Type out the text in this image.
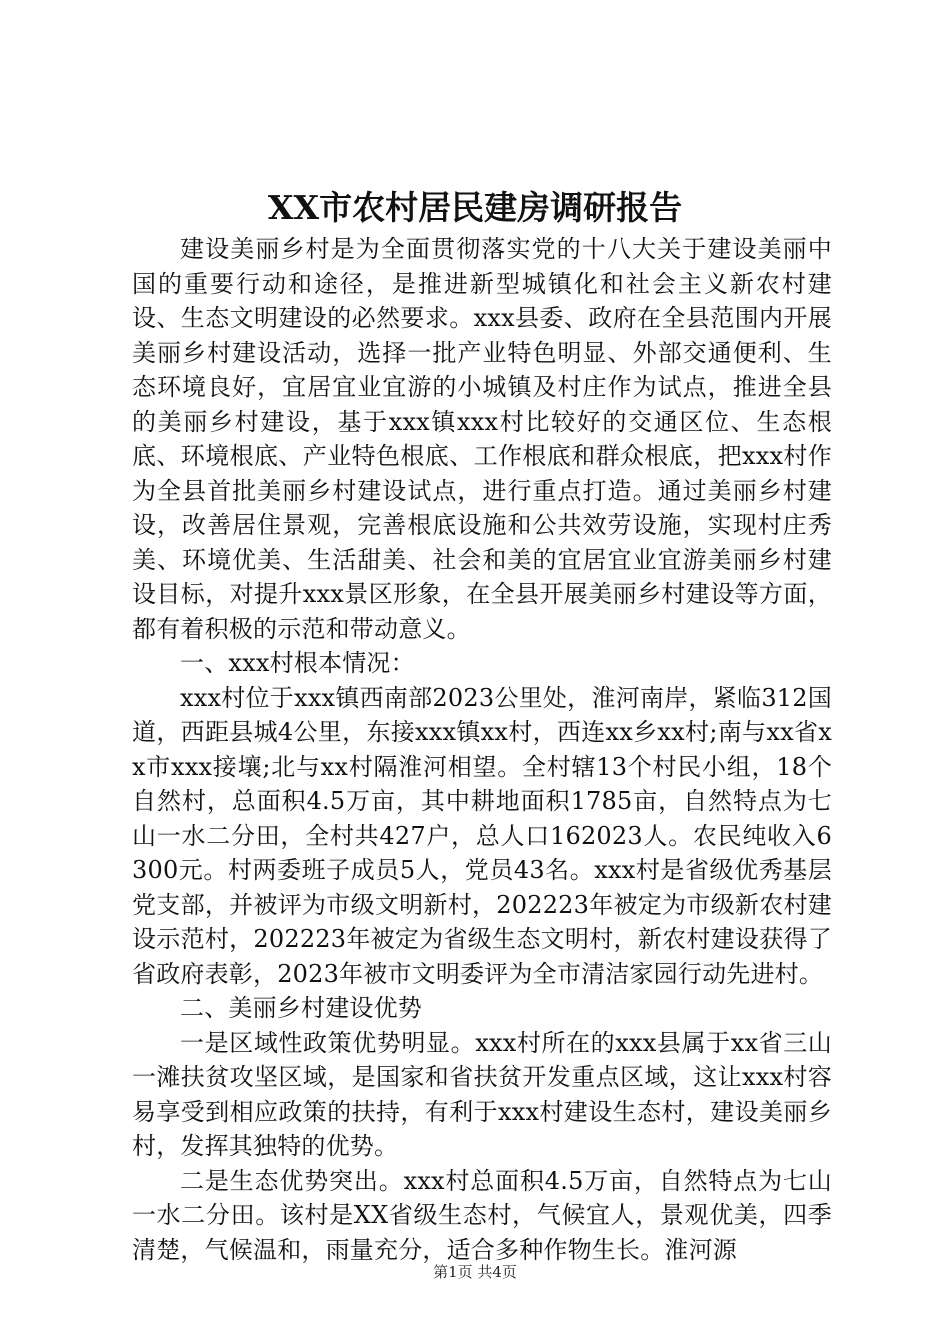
XX市农村居民建房调研报告

建设美丽乡村是为全面贯彻落实党的十八大关于建设美丽中国的重要行动和途径，是推进新型城镇化和社会主义新农村建设、生态文明建设的必然要求。xxx县委、政府在全县范围内开展美丽乡村建设活动，选择一批产业特色明显、外部交通便利、生态环境良好，宜居宜业宜游的小城镇及村庄作为试点，推进全县的美丽乡村建设，基于xxx镇xxx村比较好的交通区位、生态根底、环境根底、产业特色根底、工作根底和群众根底，把xxx村作为全县首批美丽乡村建设试点，进行重点打造。通过美丽乡村建设，改善居住景观，完善根底设施和公共效劳设施，实现村庄秀美、环境优美、生活甜美、社会和美的宜居宜业宜游美丽乡村建设目标，对提升xxx景区形象，在全县开展美丽乡村建设等方面，都有着积极的示范和带动意义。

一、xxx村根本情况：

xxx村位于xxx镇西南部2023公里处，淮河南岸，紧临312国道，西距县城4公里，东接xxx镇xx村，西连xx乡xx村;南与xx省xx市xxx接壤;北与xx村隔淮河相望。全村辖13个村民小组，18个自然村，总面积4.5万亩，其中耕地面积1785亩，自然特点为七山一水二分田，全村共427户，总人口162023人。农民纯收入6300元。村两委班子成员5人，党员43名。xxx村是省级优秀基层党支部，并被评为市级文明新村，202223年被定为市级新农村建设示范村，202223年被定为省级生态文明村，新农村建设获得了省政府表彰，2023年被市文明委评为全市清洁家园行动先进村。

二、美丽乡村建设优势

一是区域性政策优势明显。xxx村所在的xxx县属于xx省三山一滩扶贫攻坚区域，是国家和省扶贫开发重点区域，这让xxx村容易享受到相应政策的扶持，有利于xxx村建设生态村，建设美丽乡村，发挥其独特的优势。

二是生态优势突出。xxx村总面积4.5万亩，自然特点为七山一水二分田。该村是XX省级生态村，气候宜人，景观优美，四季清楚，气候温和，雨量充分，适合多种作物生长。淮河源

第1页 共4页
